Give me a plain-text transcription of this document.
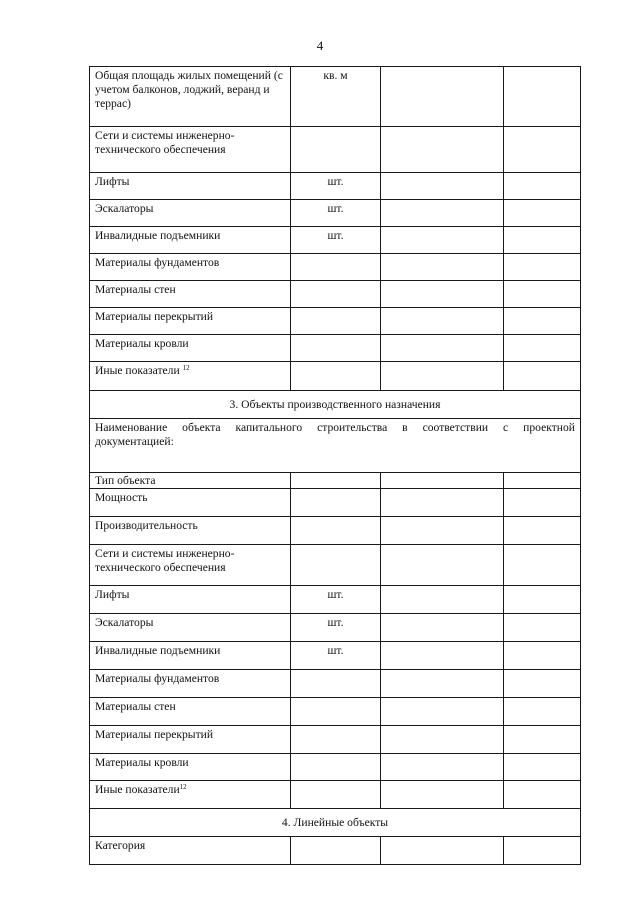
4
Общая площадь жилых помещений (с учетом балконов, лоджий, веранд и террас)	кв. м		
Сети и системы инженерно-технического обеспечения			
Лифты	шт.		
Эскалаторы	шт.		
Инвалидные подъемники	шт.		
Материалы фундаментов			
Материалы стен			
Материалы перекрытий			
Материалы кровли			
Иные показатели $^{12}$			
3. Объекты производственного назначения			

Наименование объекта капитального строительства в соответствии с проектной
документацией:			

Тип объекта			
Мощность			
Производительность			
Сети и системы инженерно-технического обеспечения			
Лифты	шт.		
Эскалаторы	шт.		
Инвалидные подъемники	шт.		
Материалы фундаментов			
Материалы стен			
Материалы перекрытий			
Материалы кровли			
Иные показатели$^{12}$			
4. Линейные объекты			
Категория			
